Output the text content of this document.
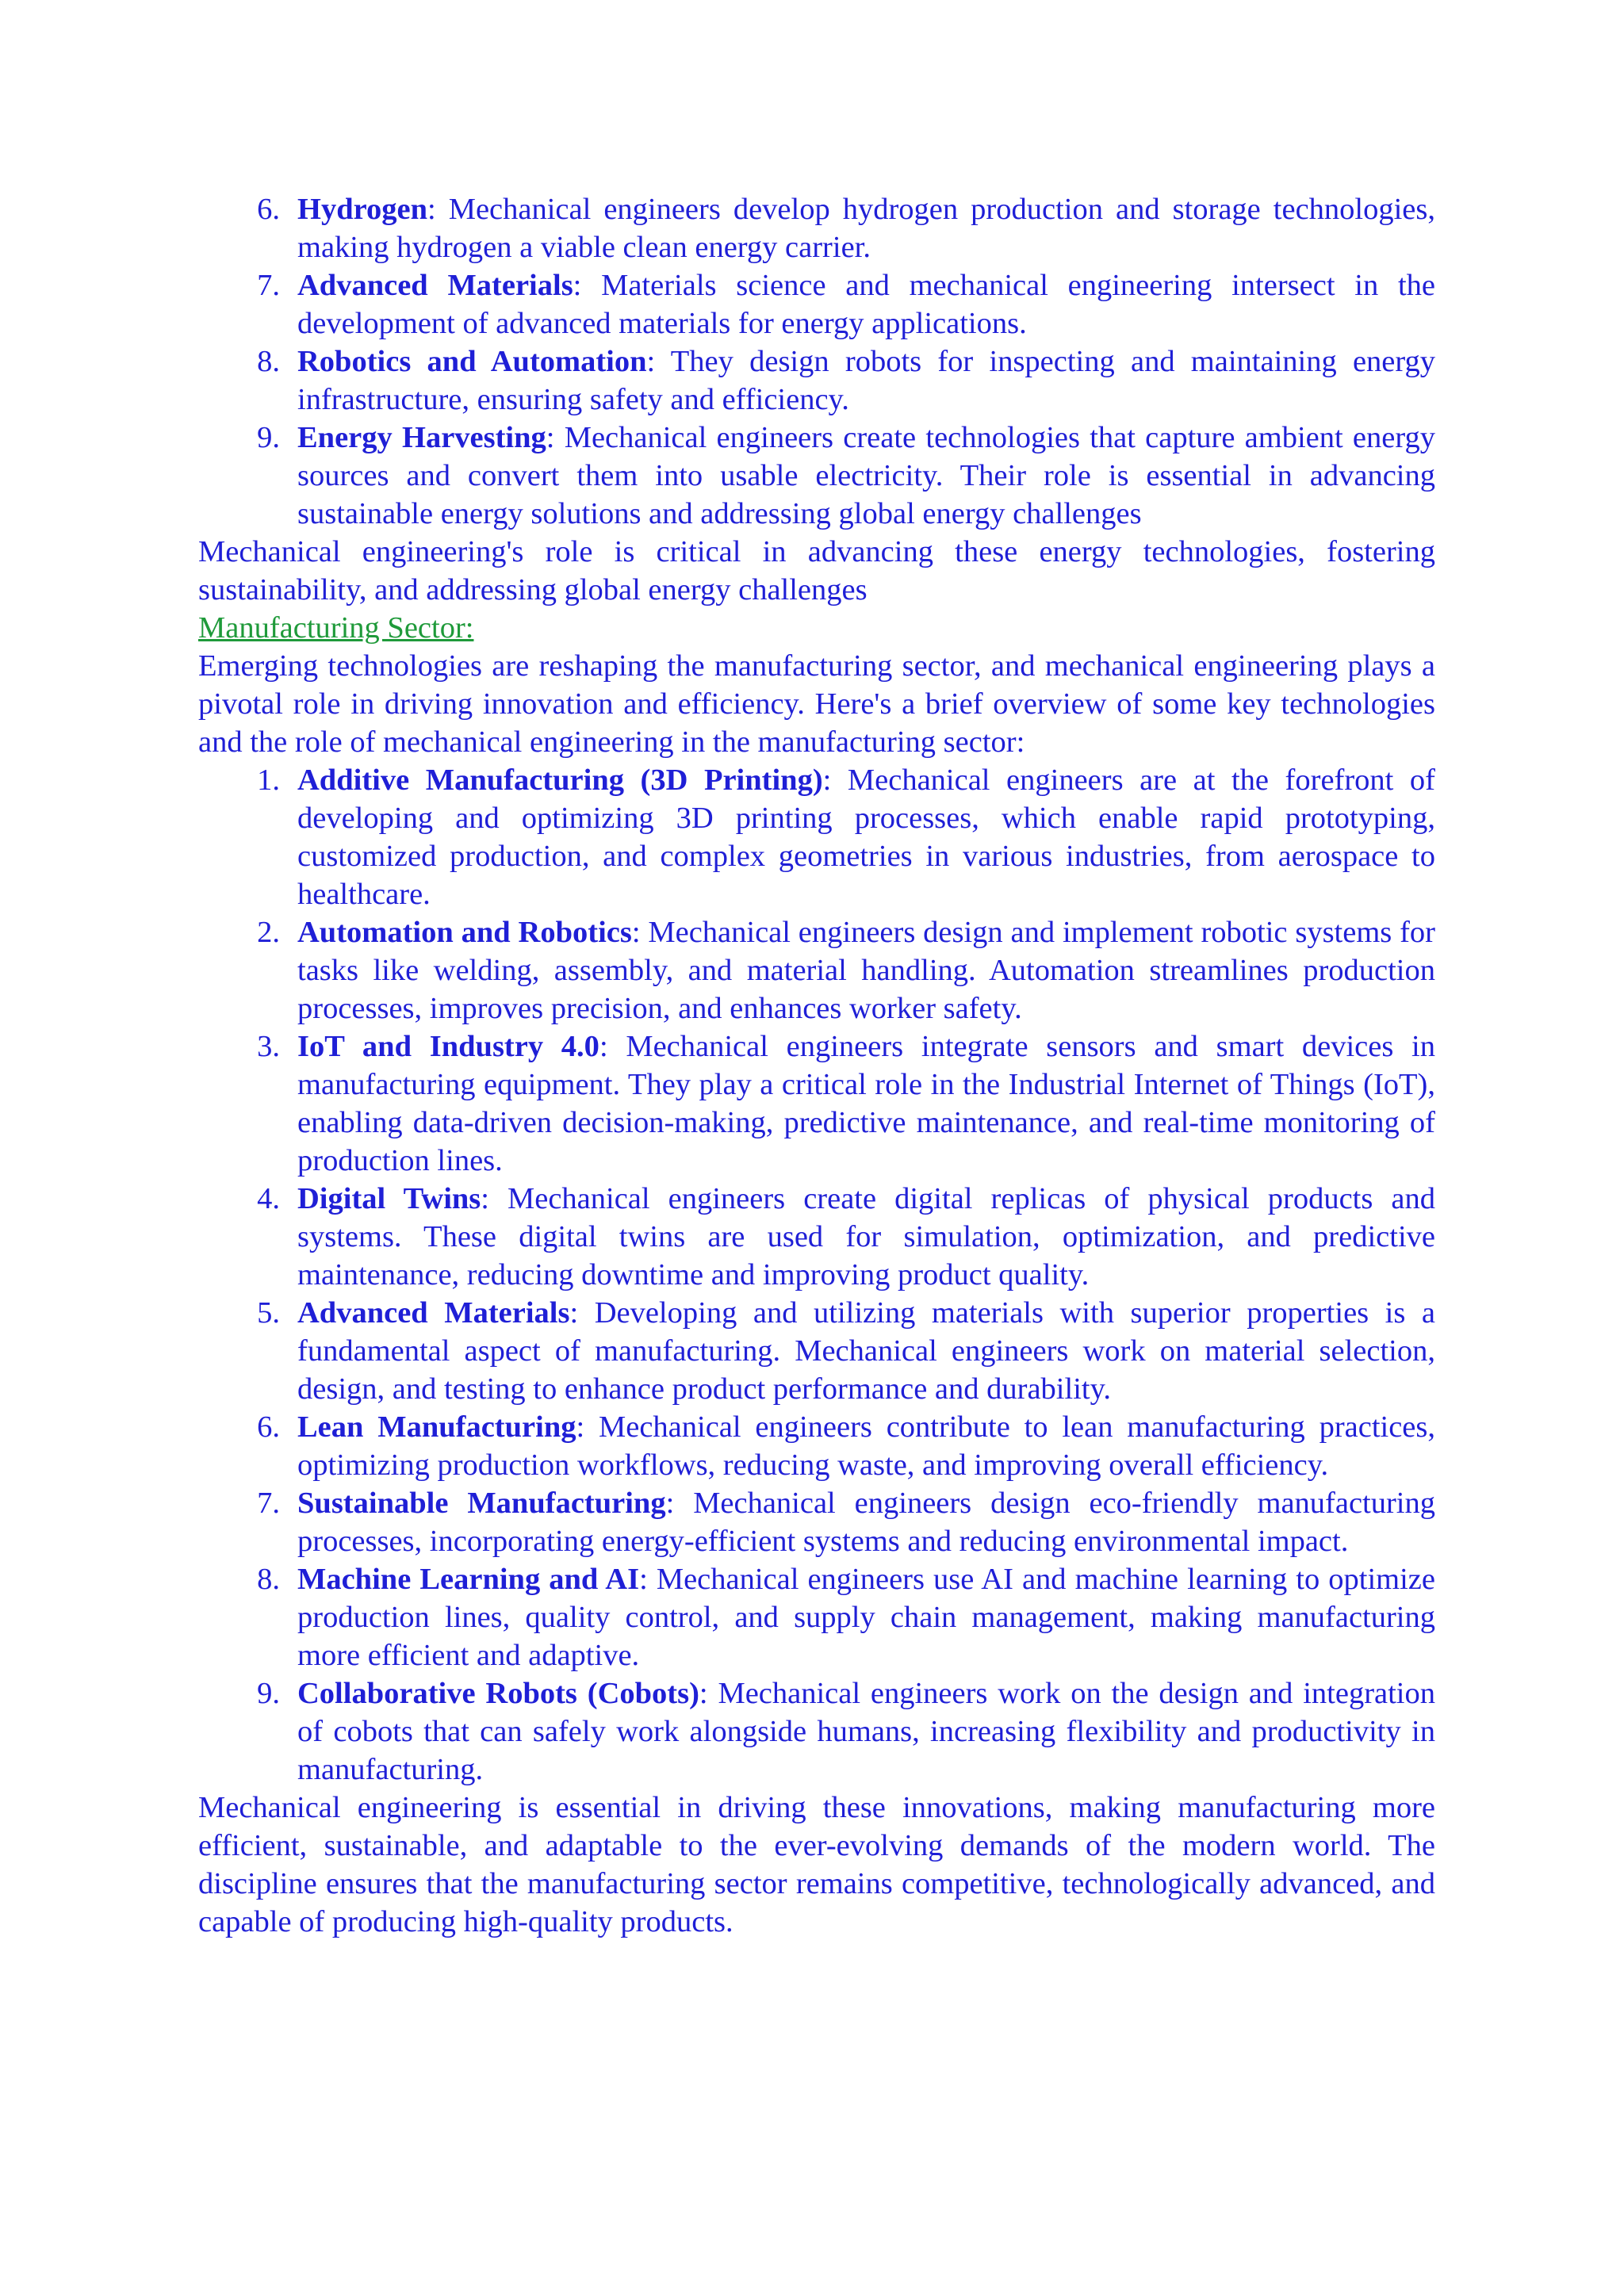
6. Hydrogen: Mechanical engineers develop hydrogen production and storage technologies, making hydrogen a viable clean energy carrier.
7. Advanced Materials: Materials science and mechanical engineering intersect in the development of advanced materials for energy applications.
8. Robotics and Automation: They design robots for inspecting and maintaining energy infrastructure, ensuring safety and efficiency.
9. Energy Harvesting: Mechanical engineers create technologies that capture ambient energy sources and convert them into usable electricity. Their role is essential in advancing sustainable energy solutions and addressing global energy challenges

Mechanical engineering's role is critical in advancing these energy technologies, fostering sustainability, and addressing global energy challenges

Manufacturing Sector:

Emerging technologies are reshaping the manufacturing sector, and mechanical engineering plays a pivotal role in driving innovation and efficiency. Here's a brief overview of some key technologies and the role of mechanical engineering in the manufacturing sector:

1. Additive Manufacturing (3D Printing): Mechanical engineers are at the forefront of developing and optimizing 3D printing processes, which enable rapid prototyping, customized production, and complex geometries in various industries, from aerospace to healthcare.
2. Automation and Robotics: Mechanical engineers design and implement robotic systems for tasks like welding, assembly, and material handling. Automation streamlines production processes, improves precision, and enhances worker safety.
3. IoT and Industry 4.0: Mechanical engineers integrate sensors and smart devices in manufacturing equipment. They play a critical role in the Industrial Internet of Things (IoT), enabling data-driven decision-making, predictive maintenance, and real-time monitoring of production lines.
4. Digital Twins: Mechanical engineers create digital replicas of physical products and systems. These digital twins are used for simulation, optimization, and predictive maintenance, reducing downtime and improving product quality.
5. Advanced Materials: Developing and utilizing materials with superior properties is a fundamental aspect of manufacturing. Mechanical engineers work on material selection, design, and testing to enhance product performance and durability.
6. Lean Manufacturing: Mechanical engineers contribute to lean manufacturing practices, optimizing production workflows, reducing waste, and improving overall efficiency.
7. Sustainable Manufacturing: Mechanical engineers design eco-friendly manufacturing processes, incorporating energy-efficient systems and reducing environmental impact.
8. Machine Learning and AI: Mechanical engineers use AI and machine learning to optimize production lines, quality control, and supply chain management, making manufacturing more efficient and adaptive.
9. Collaborative Robots (Cobots): Mechanical engineers work on the design and integration of cobots that can safely work alongside humans, increasing flexibility and productivity in manufacturing.

Mechanical engineering is essential in driving these innovations, making manufacturing more efficient, sustainable, and adaptable to the ever-evolving demands of the modern world. The discipline ensures that the manufacturing sector remains competitive, technologically advanced, and capable of producing high-quality products.
